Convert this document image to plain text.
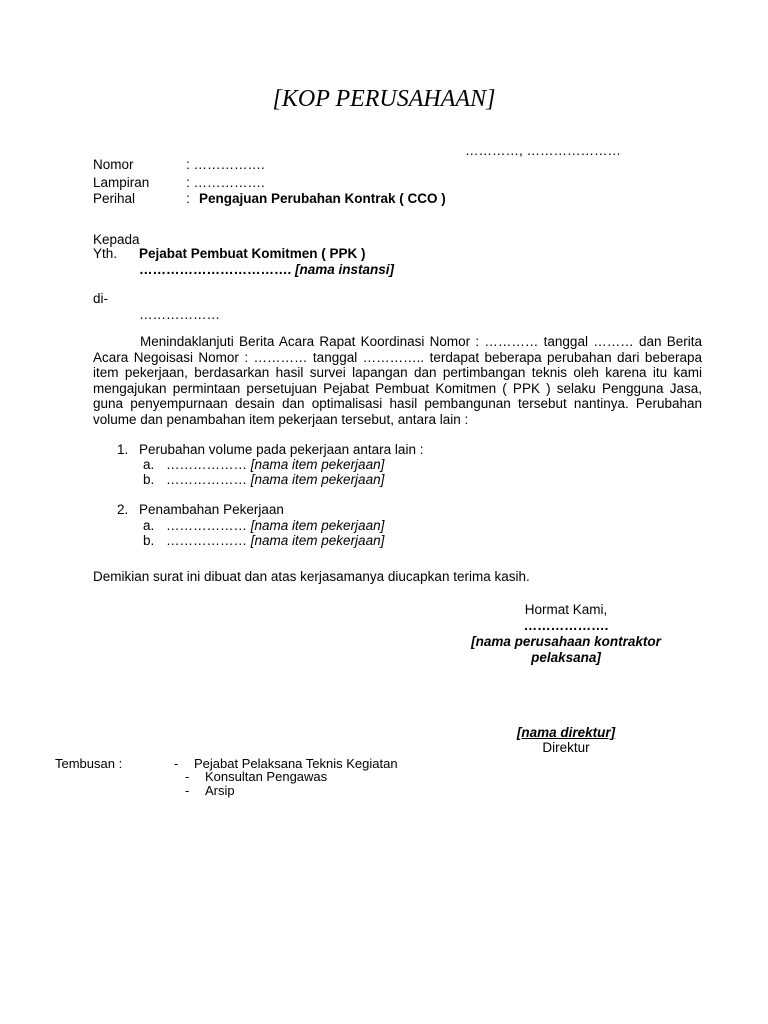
[KOP PERUSAHAAN]
…………, …………………
Nomor	: …………….
Lampiran	: …………….
Perihal	: Pengajuan Perubahan Kontrak ( CCO )
Kepada
Yth. Pejabat Pembuat Komitmen ( PPK )
……………………………. [nama instansi]
di-
………………
Menindaklanjuti Berita Acara Rapat Koordinasi Nomor : ………… tanggal ……… dan Berita Acara Negoisasi Nomor : ………… tanggal ………….. terdapat beberapa perubahan dari beberapa item pekerjaan, berdasarkan hasil survei lapangan dan pertimbangan teknis oleh karena itu kami mengajukan permintaan persetujuan Pejabat Pembuat Komitmen ( PPK ) selaku Pengguna Jasa, guna penyempurnaan desain dan optimalisasi hasil pembangunan tersebut nantinya. Perubahan volume dan penambahan item pekerjaan tersebut, antara lain :
1. Perubahan volume pada pekerjaan antara lain :
a. ……………… [nama item pekerjaan]
b. ……………… [nama item pekerjaan]
2. Penambahan Pekerjaan
a. ……………… [nama item pekerjaan]
b. ……………… [nama item pekerjaan]
Demikian surat ini dibuat dan atas kerjasamanya diucapkan terima kasih.
Hormat Kami,
……………….
[nama perusahaan kontraktor
pelaksana]
[nama direktur]
Direktur
Tembusan :	- Pejabat Pelaksana Teknis Kegiatan
- Konsultan Pengawas
- Arsip
